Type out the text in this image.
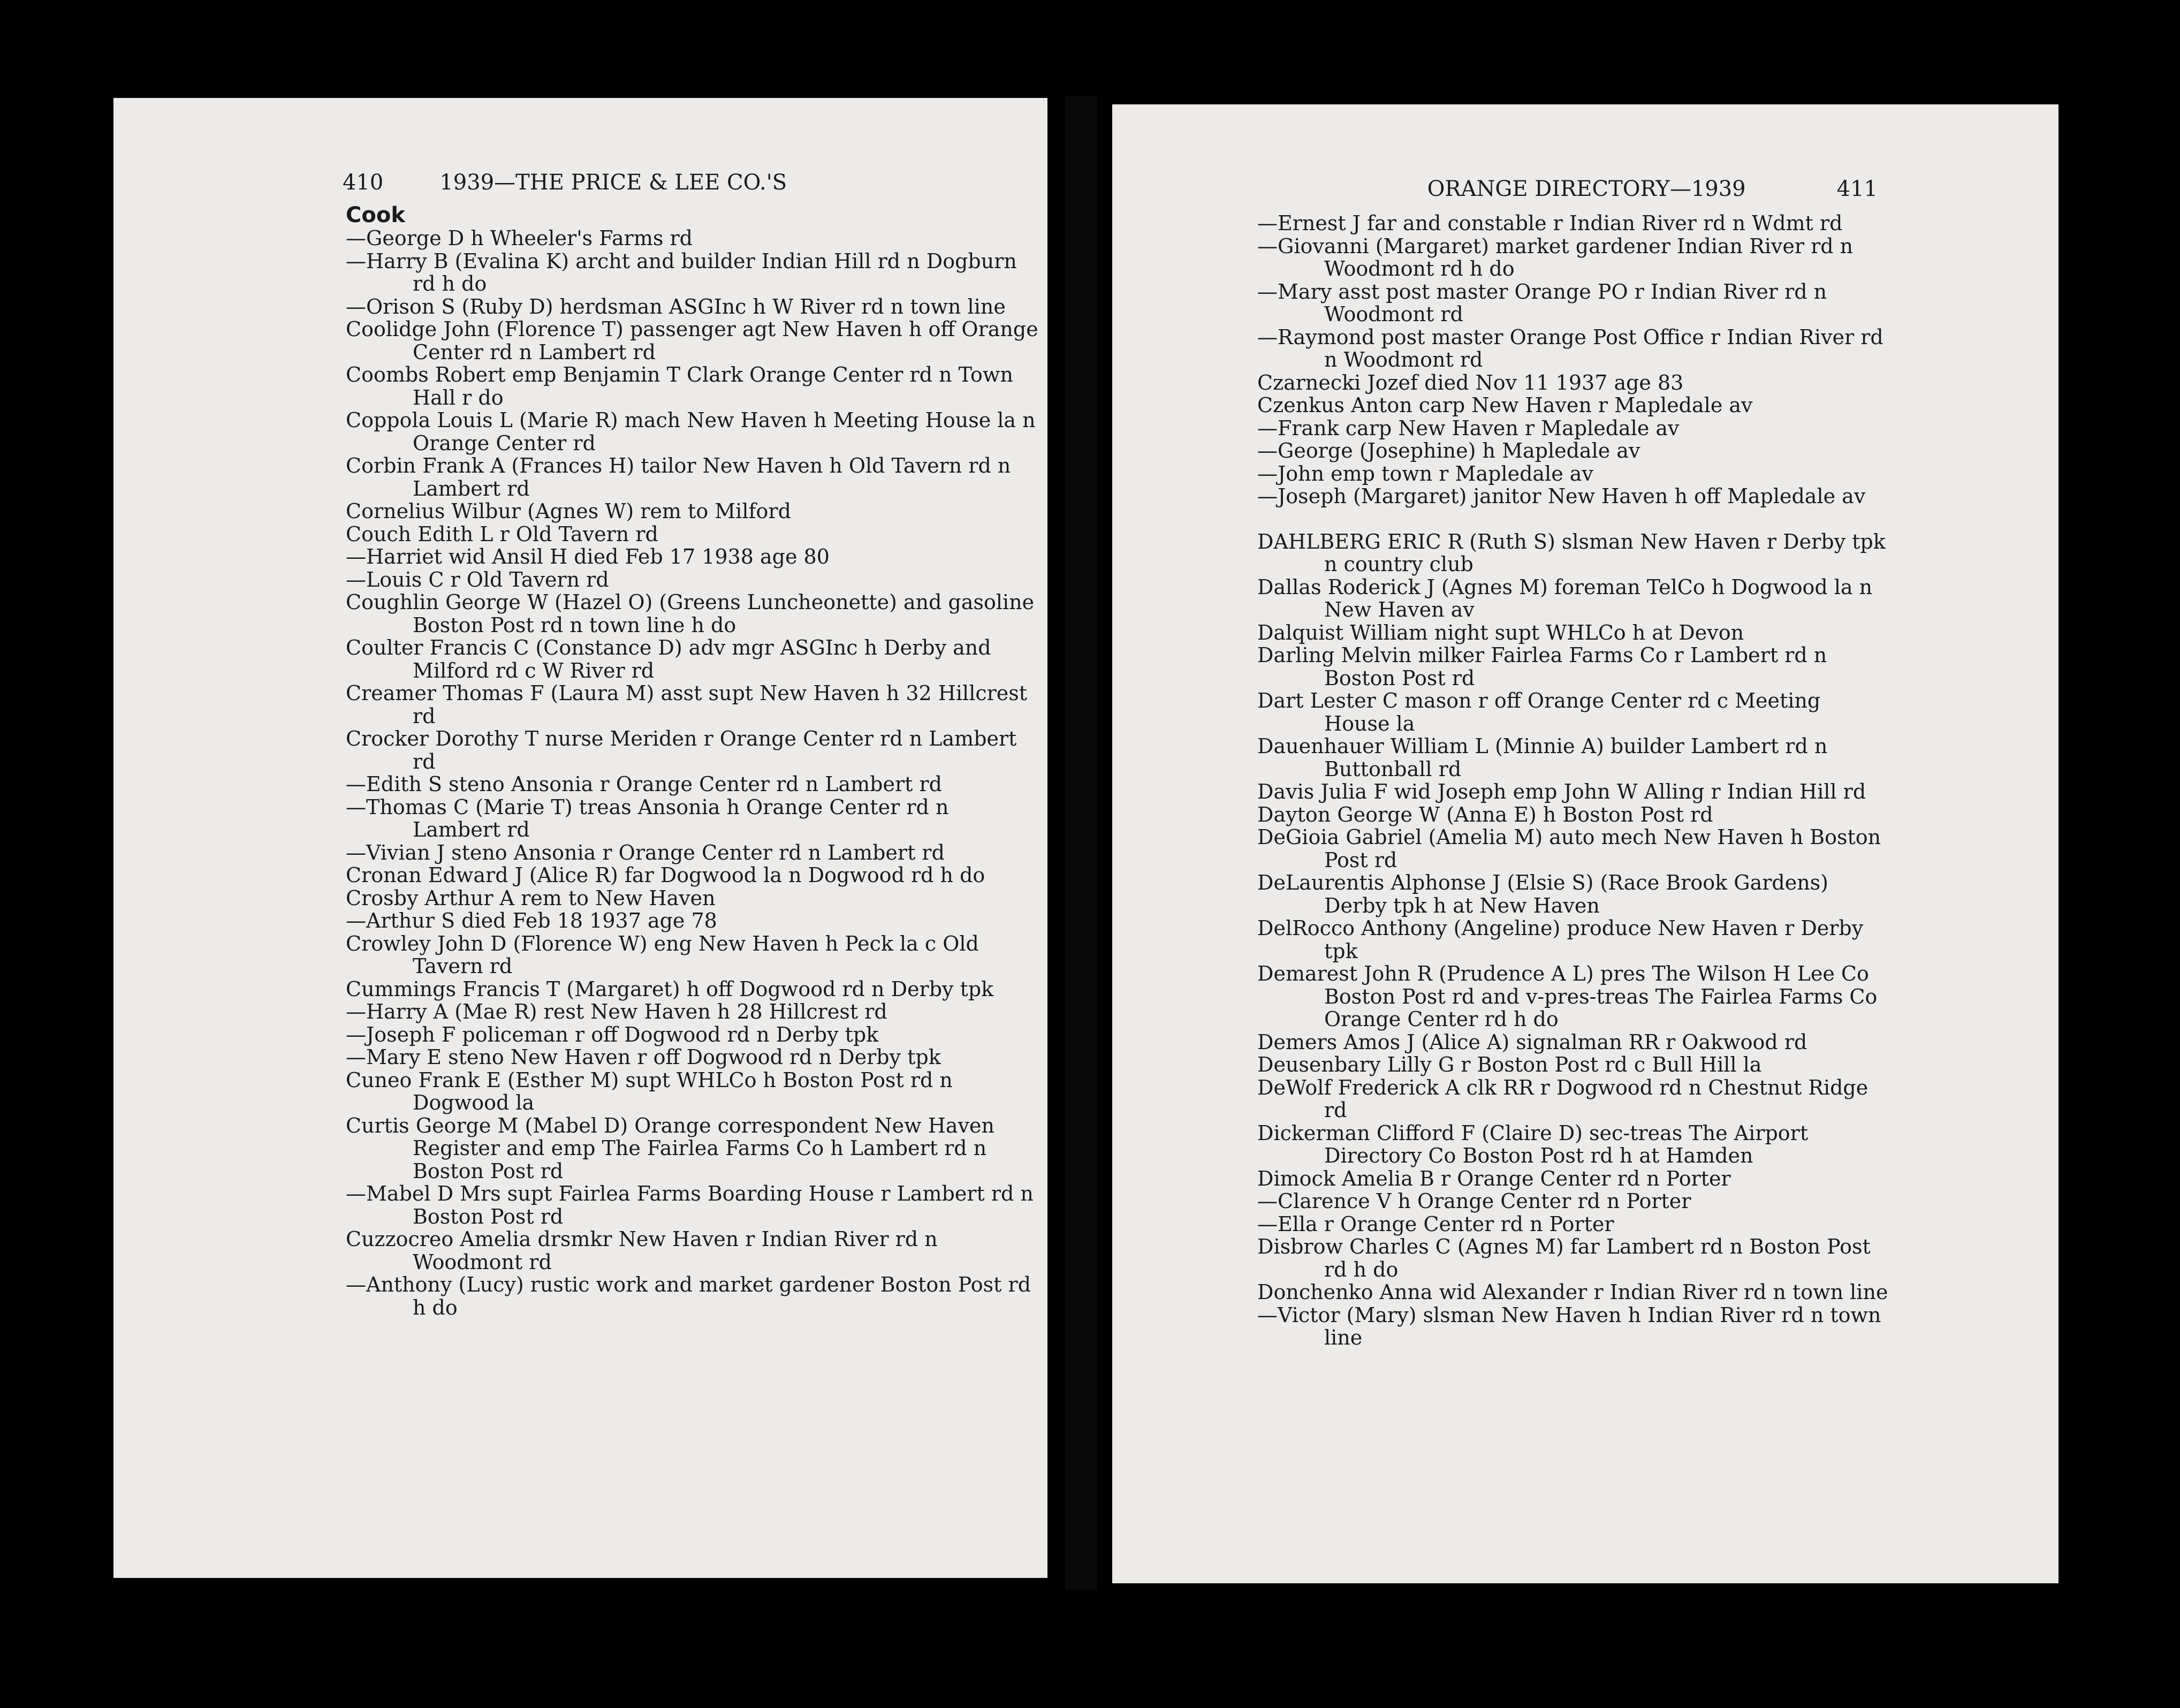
410	1939—THE PRICE & LEE CO.'S
Cook

—George D h Wheeler's Farms rd

—Harry B (Evalina K) archt and builder Indian Hill rd n Dogburn rd h do

—Orison S (Ruby D) herdsman ASGInc h W River rd n town line

Coolidge John (Florence T) passenger agt New Haven h off Orange Center rd n Lambert rd

Coombs Robert emp Benjamin T Clark Orange Center rd n Town Hall r do

Coppola Louis L (Marie R) mach New Haven h Meeting House la n Orange Center rd

Corbin Frank A (Frances H) tailor New Haven h Old Tavern rd n Lambert rd

Cornelius Wilbur (Agnes W) rem to Milford

Couch Edith L r Old Tavern rd

—Harriet wid Ansil H died Feb 17 1938 age 80

—Louis C r Old Tavern rd

Coughlin George W (Hazel O) (Greens Luncheonette) and gasoline Boston Post rd n town line h do

Coulter Francis C (Constance D) adv mgr ASGInc h Derby and Milford rd c W River rd

Creamer Thomas F (Laura M) asst supt New Haven h 32 Hillcrest rd

Crocker Dorothy T nurse Meriden r Orange Center rd n Lambert rd

—Edith S steno Ansonia r Orange Center rd n Lambert rd

—Thomas C (Marie T) treas Ansonia h Orange Center rd n Lambert rd

—Vivian J steno Ansonia r Orange Center rd n Lambert rd

Cronan Edward J (Alice R) far Dogwood la n Dogwood rd h do

Crosby Arthur A rem to New Haven

—Arthur S died Feb 18 1937 age 78

Crowley John D (Florence W) eng New Haven h Peck la c Old Tavern rd

Cummings Francis T (Margaret) h off Dogwood rd n Derby tpk

—Harry A (Mae R) rest New Haven h 28 Hillcrest rd

—Joseph F policeman r off Dogwood rd n Derby tpk

—Mary E steno New Haven r off Dogwood rd n Derby tpk

Cuneo Frank E (Esther M) supt WHLCo h Boston Post rd n Dogwood la

Curtis George M (Mabel D) Orange correspondent New Haven Register and emp The Fairlea Farms Co h Lambert rd n Boston Post rd

—Mabel D Mrs supt Fairlea Farms Boarding House r Lambert rd n Boston Post rd

Cuzzocreo Amelia drsmkr New Haven r Indian River rd n Woodmont rd

—Anthony (Lucy) rustic work and market gardener Boston Post rd h do

ORANGE DIRECTORY—1939	411

—Ernest J far and constable r Indian River rd n Wdmt rd

—Giovanni (Margaret) market gardener Indian River rd n Woodmont rd h do

—Mary asst post master Orange PO r Indian River rd n Woodmont rd

—Raymond post master Orange Post Office r Indian River rd n Woodmont rd

Czarnecki Jozef died Nov 11 1937 age 83

Czenkus Anton carp New Haven r Mapledale av

—Frank carp New Haven r Mapledale av

—George (Josephine) h Mapledale av

—John emp town r Mapledale av

—Joseph (Margaret) janitor New Haven h off Mapledale av

DAHLBERG ERIC R (Ruth S) slsman New Haven r Derby tpk n country club

Dallas Roderick J (Agnes M) foreman TelCo h Dogwood la n New Haven av

Dalquist William night supt WHLCo h at Devon

Darling Melvin milker Fairlea Farms Co r Lambert rd n Boston Post rd

Dart Lester C mason r off Orange Center rd c Meeting House la

Dauenhauer William L (Minnie A) builder Lambert rd n Buttonball rd

Davis Julia F wid Joseph emp John W Alling r Indian Hill rd

Dayton George W (Anna E) h Boston Post rd

DeGioia Gabriel (Amelia M) auto mech New Haven h Boston Post rd

DeLaurentis Alphonse J (Elsie S) (Race Brook Gardens) Derby tpk h at New Haven

DelRocco Anthony (Angeline) produce New Haven r Derby tpk

Demarest John R (Prudence A L) pres The Wilson H Lee Co Boston Post rd and v-pres-treas The Fairlea Farms Co Orange Center rd h do

Demers Amos J (Alice A) signalman RR r Oakwood rd

Deusenbary Lilly G r Boston Post rd c Bull Hill la

DeWolf Frederick A clk RR r Dogwood rd n Chestnut Ridge rd

Dickerman Clifford F (Claire D) sec-treas The Airport Directory Co Boston Post rd h at Hamden

Dimock Amelia B r Orange Center rd n Porter

—Clarence V h Orange Center rd n Porter

—Ella r Orange Center rd n Porter

Disbrow Charles C (Agnes M) far Lambert rd n Boston Post rd h do

Donchenko Anna wid Alexander r Indian River rd n town line

—Victor (Mary) slsman New Haven h Indian River rd n town line
